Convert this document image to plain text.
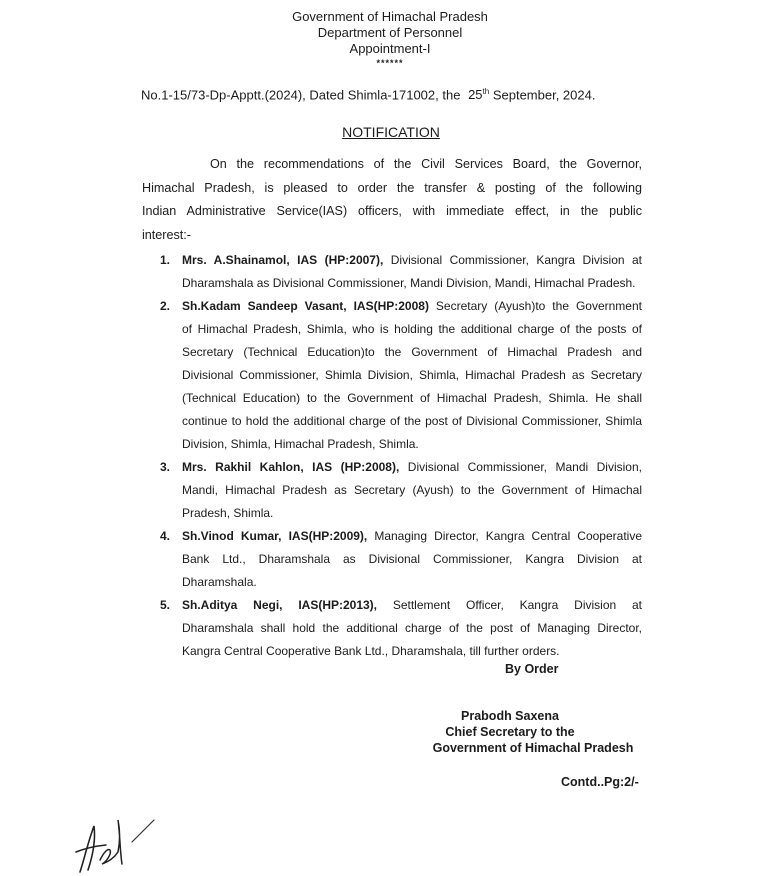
Government of Himachal Pradesh
Department of Personnel
Appointment-I
******
No.1-15/73-Dp-Apptt.(2024), Dated Shimla-171002, the 25th September, 2024.
NOTIFICATION
On the recommendations of the Civil Services Board, the Governor,
Himachal Pradesh, is pleased to order the transfer & posting of the following
Indian Administrative Service(IAS) officers, with immediate effect, in the public
interest:-
1. Mrs. A.Shainamol, IAS (HP:2007), Divisional Commissioner, Kangra Division at
Dharamshala as Divisional Commissioner, Mandi Division, Mandi, Himachal Pradesh.
2. Sh.Kadam Sandeep Vasant, IAS(HP:2008) Secretary (Ayush)to the Government
of Himachal Pradesh, Shimla, who is holding the additional charge of the posts of
Secretary (Technical Education)to the Government of Himachal Pradesh and
Divisional Commissioner, Shimla Division, Shimla, Himachal Pradesh as Secretary
(Technical Education) to the Government of Himachal Pradesh, Shimla. He shall
continue to hold the additional charge of the post of Divisional Commissioner, Shimla
Division, Shimla, Himachal Pradesh, Shimla.
3. Mrs. Rakhil Kahlon, IAS (HP:2008), Divisional Commissioner, Mandi Division,
Mandi, Himachal Pradesh as Secretary (Ayush) to the Government of Himachal
Pradesh, Shimla.
4. Sh.Vinod Kumar, IAS(HP:2009), Managing Director, Kangra Central Cooperative
Bank Ltd., Dharamshala as Divisional Commissioner, Kangra Division at
Dharamshala.
5. Sh.Aditya Negi, IAS(HP:2013), Settlement Officer, Kangra Division at
Dharamshala shall hold the additional charge of the post of Managing Director,
Kangra Central Cooperative Bank Ltd., Dharamshala, till further orders.
By Order
Prabodh Saxena
Chief Secretary to the
Government of Himachal Pradesh
Contd..Pg:2/-
